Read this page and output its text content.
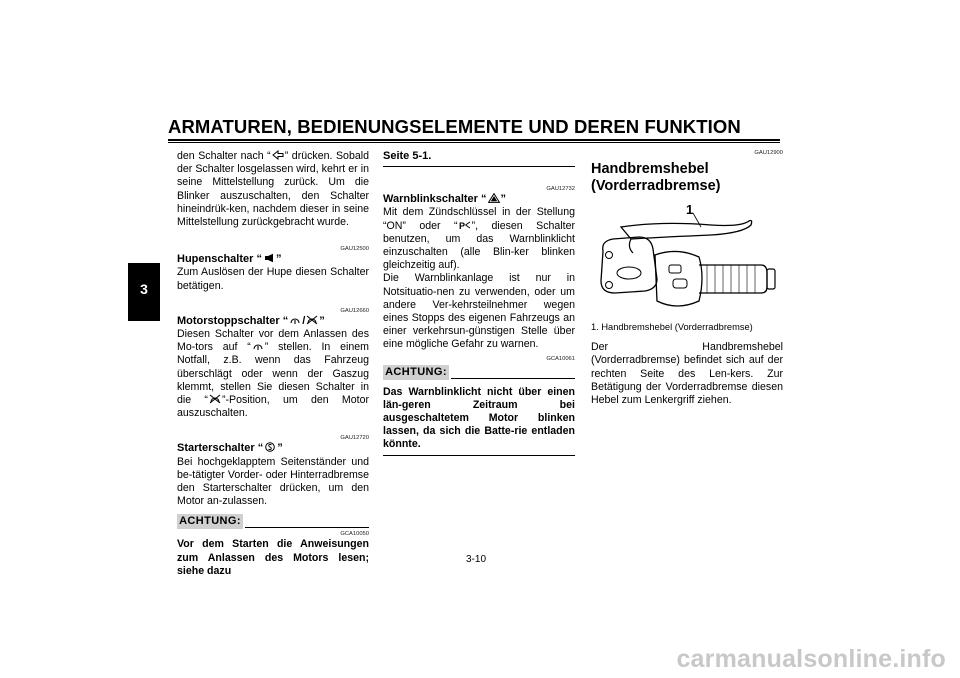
ARMATUREN, BEDIENUNGSELEMENTE UND DEREN FUNKTION
3

den Schalter nach “ ” drücken. Sobald der Schalter losgelassen wird, kehrt er in seine Mittelstellung zurück. Um die Blinker auszuschalten, den Schalter hineindrük-ken, nachdem dieser in seine Mittelstellung zurückgebracht wurde.

GAU12500

Hupenschalter “ ”

Zum Auslösen der Hupe diesen Schalter betätigen.

GAU12660

Motorstoppschalter “ / ”

Diesen Schalter vor dem Anlassen des Mo-tors auf “ ” stellen. In einem Notfall, z.B. wenn das Fahrzeug überschlägt oder wenn der Gaszug klemmt, stellen Sie diesen Schalter in die “ ”-Position, um den Motor auszuschalten.

GAU12720

Starterschalter “ ”

Bei hochgeklapptem Seitenständer und be-tätigter Vorder- oder Hinterradbremse den Starterschalter drücken, um den Motor an-zulassen.

ACHTUNG:

GCA10050

Vor dem Starten die Anweisungen zum Anlassen des Motors lesen; siehe dazu

Seite 5-1.

GAU12732

Warnblinkschalter “ ”

Mit dem Zündschlüssel in der Stellung “ON” oder “ P ”, diesen Schalter benutzen, um das Warnblinklicht einzuschalten (alle Blin-ker blinken gleichzeitig auf).

Die Warnblinkanlage ist nur in Notsituatio-nen zu verwenden, oder um andere Ver-kehrsteilnehmer wegen eines Stopps des eigenen Fahrzeugs an einer verkehrsun-günstigen Stelle über eine mögliche Gefahr zu warnen.

GCA10061

ACHTUNG:

Das Warnblinklicht nicht über einen län-geren Zeitraum bei ausgeschaltetem Motor blinken lassen, da sich die Batte-rie entladen könnte.

GAU12900

Handbremshebel

(Vorderradbremse)

1

1. Handbremshebel (Vorderradbremse)

Der Handbremshebel (Vorderradbremse) befindet sich auf der rechten Seite des Len-kers. Zur Betätigung der Vorderradbremse diesen Hebel zum Lenkergriff ziehen.

3-10
carmanualsonline.info
